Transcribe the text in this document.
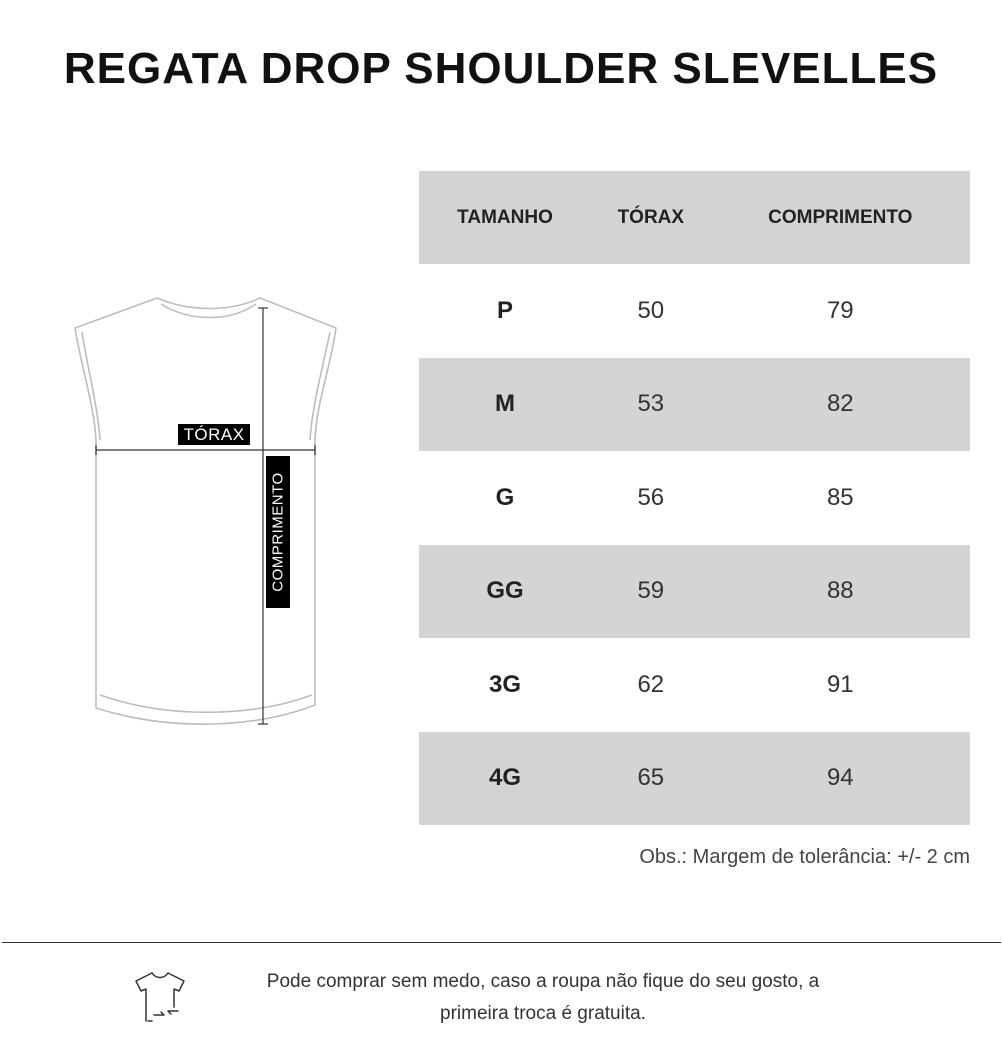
REGATA DROP SHOULDER SLEVELLES
TÓRAX
COMPRIMENTO
TAMANHO	TÓRAX	COMPRIMENTO
P	50	79
M	53	82
G	56	85
GG	59	88
3G	62	91
4G	65	94
Obs.: Margem de tolerância: +/- 2 cm
Pode comprar sem medo, caso a roupa não fique do seu gosto, a
primeira troca é gratuita.
